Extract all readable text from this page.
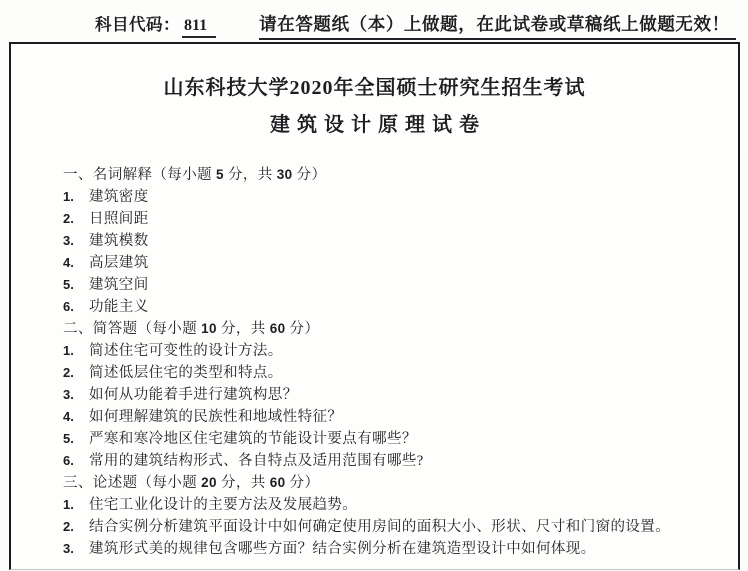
科目代码： 811	请在答题纸（本）上做题，在此试卷或草稿纸上做题无效！
山东科技大学2020年全国硕士研究生招生考试
建筑设计原理试卷
一、名词解释（每小题 5 分，共 30 分）
1. 建筑密度
2. 日照间距
3. 建筑模数
4. 高层建筑
5. 建筑空间
6. 功能主义
二、简答题（每小题 10 分，共 60 分）
1. 简述住宅可变性的设计方法。
2. 简述低层住宅的类型和特点。
3. 如何从功能着手进行建筑构思？
4. 如何理解建筑的民族性和地域性特征？
5. 严寒和寒冷地区住宅建筑的节能设计要点有哪些？
6. 常用的建筑结构形式、各自特点及适用范围有哪些?
三、论述题（每小题 20 分，共 60 分）
1. 住宅工业化设计的主要方法及发展趋势。
2. 结合实例分析建筑平面设计中如何确定使用房间的面积大小、形状、尺寸和门窗的设置。
3. 建筑形式美的规律包含哪些方面？结合实例分析在建筑造型设计中如何体现。
